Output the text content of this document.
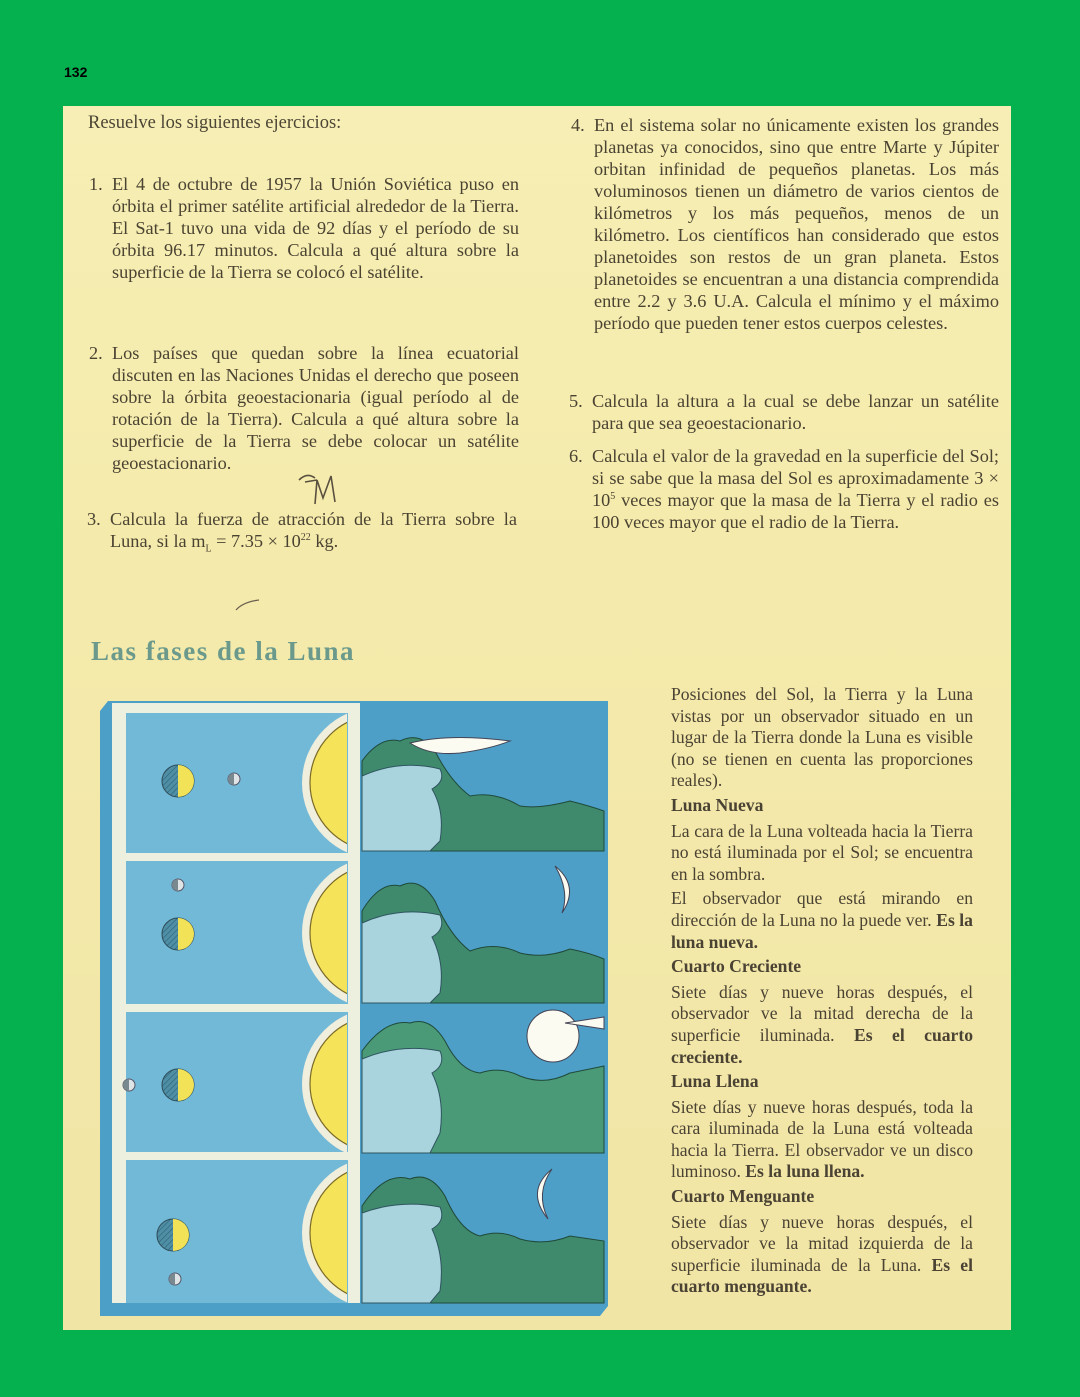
132
Resuelve los siguientes ejercicios:
1. El 4 de octubre de 1957 la Unión Soviética puso en órbita el primer satélite artificial alrededor de la Tierra. El Sat-1 tuvo una vida de 92 días y el período de su órbita 96.17 minutos. Calcula a qué altura sobre la superficie de la Tierra se colocó el satélite.
2. Los países que quedan sobre la línea ecuatorial discuten en las Naciones Unidas el derecho que poseen sobre la órbita geoestacionaria (igual período al de rotación de la Tierra). Calcula a qué altura sobre la superficie de la Tierra se debe colocar un satélite geoestacionario.
3. Calcula la fuerza de atracción de la Tierra sobre la Luna, si la $m_L = 7.35 \times 10^{22}$ kg.
4. En el sistema solar no únicamente existen los grandes planetas ya conocidos, sino que entre Marte y Júpiter orbitan infinidad de pequeños planetas. Los más voluminosos tienen un diámetro de varios cientos de kilómetros y los más pequeños, menos de un kilómetro. Los científicos han considerado que estos planetoides son restos de un gran planeta. Estos planetoides se encuentran a una distancia comprendida entre 2.2 y 3.6 U.A. Calcula el mínimo y el máximo período que pueden tener estos cuerpos celestes.
5. Calcula la altura a la cual se debe lanzar un satélite para que sea geoestacionario.
6. Calcula el valor de la gravedad en la superficie del Sol; si se sabe que la masa del Sol es aproximadamente $3 \times 10^5$ veces mayor que la masa de la Tierra y el radio es 100 veces mayor que el radio de la Tierra.
Las fases de la Luna

Posiciones del Sol, la Tierra y la Luna vistas por un observador situado en un lugar de la Tierra donde la Luna es visible (no se tienen en cuenta las proporciones reales).

Luna Nueva

La cara de la Luna volteada hacia la Tierra no está iluminada por el Sol; se encuentra en la sombra.

El observador que está mirando en dirección de la Luna no la puede ver. Es la luna nueva.

Cuarto Creciente

Siete días y nueve horas después, el observador ve la mitad derecha de la superficie iluminada. Es el cuarto creciente.

Luna Llena

Siete días y nueve horas después, toda la cara iluminada de la Luna está volteada hacia la Tierra. El observador ve un disco luminoso. Es la luna llena.

Cuarto Menguante

Siete días y nueve horas después, el observador ve la mitad izquierda de la superficie iluminada de la Luna. Es el cuarto menguante.
